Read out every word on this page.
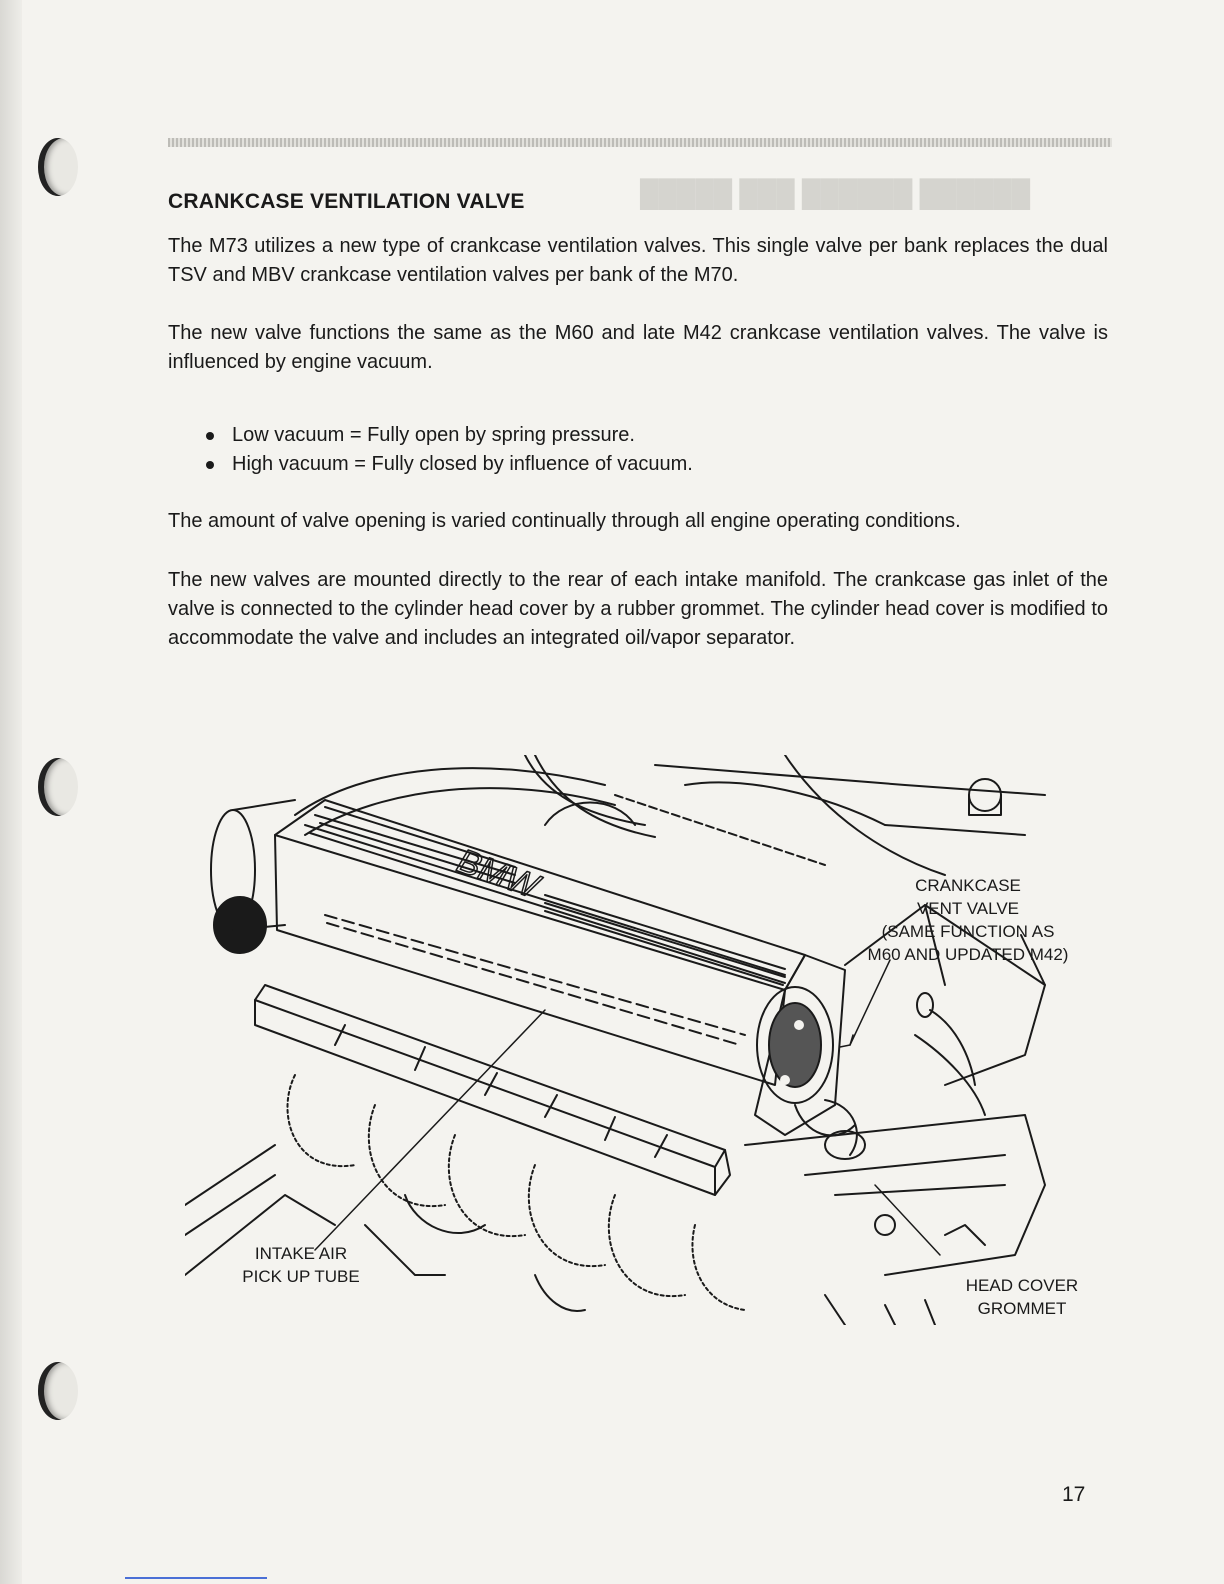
██████ ██████ ███ █████
CRANKCASE VENTILATION VALVE

The M73 utilizes a new type of crankcase ventilation valves. This single valve per bank replaces the dual TSV and MBV crankcase ventilation valves per bank of the M70.

The new valve functions the same as the M60 and late M42 crankcase ventilation valves. The valve is influenced by engine vacuum.

Low vacuum = Fully open by spring pressure.
High vacuum = Fully closed by influence of vacuum.

The amount of valve opening is varied continually through all engine operating conditions.

The new valves are mounted directly to the rear of each intake manifold. The crankcase gas inlet of the valve is connected to the cylinder head cover by a rubber grommet. The cylinder head cover is modified to accommodate the valve and includes an integrated oil/vapor separator.

BMW	CRANKCASE
VENT VALVE
(SAME FUNCTION AS
M60 AND UPDATED M42)
INTAKE AIR
PICK UP TUBE	HEAD COVER
GROMMET
17
